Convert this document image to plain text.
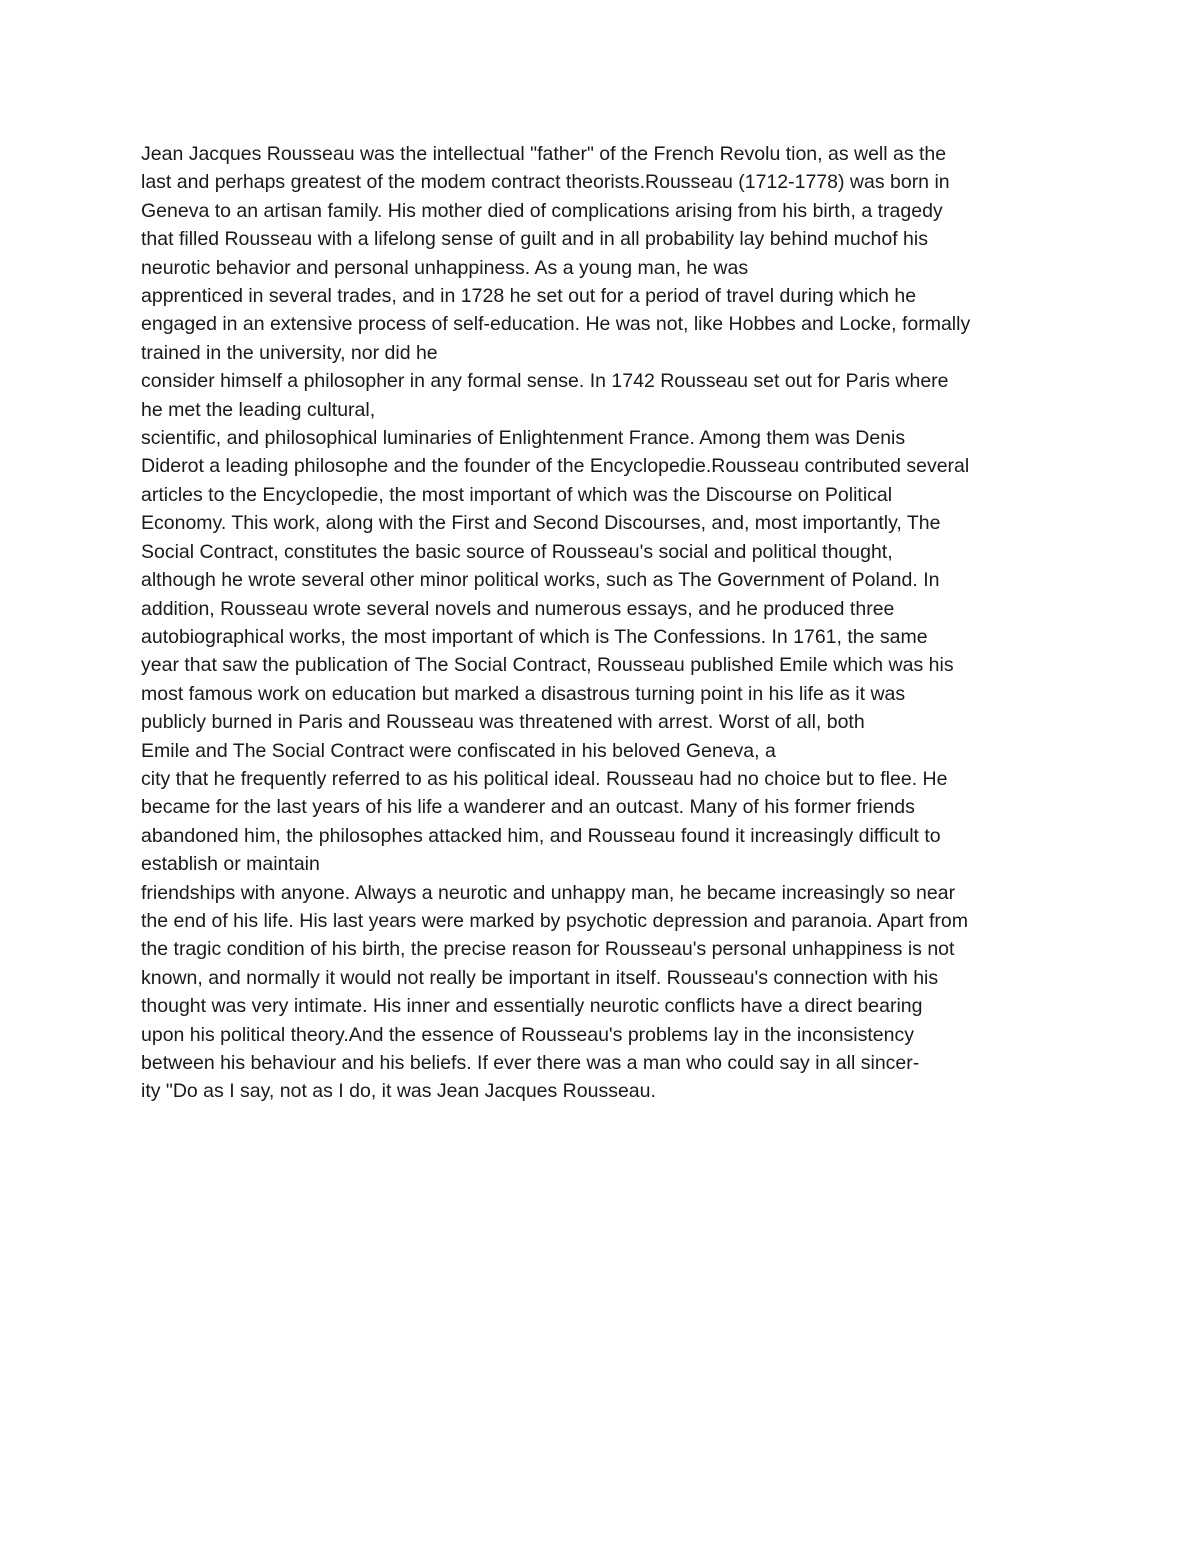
Jean Jacques Rousseau was the intellectual "father" of the French Revolu tion, as well as the
last and perhaps greatest of the modem contract theorists.Rousseau (1712-1778) was born in
Geneva to an artisan family. His mother died of complications arising from his birth, a tragedy
that filled Rousseau with a lifelong sense of guilt and in all probability lay behind muchof his
neurotic behavior and personal unhappiness. As a young man, he was
apprenticed in several trades, and in 1728 he set out for a period of travel during which he
engaged in an extensive process of self-education. He was not, like Hobbes and Locke, formally
trained in the university, nor did he
consider himself a philosopher in any formal sense. In 1742 Rousseau set out for Paris where
he met the leading cultural,
scientific, and philosophical luminaries of Enlightenment France. Among them was Denis
Diderot a leading philosophe and the founder of the Encyclopedie.Rousseau contributed several
articles to the Encyclopedie, the most important of which was the Discourse on Political
Economy. This work, along with the First and Second Discourses, and, most importantly, The
Social Contract, constitutes the basic source of Rousseau's social and political thought,
although he wrote several other minor political works, such as The Government of Poland. In
addition, Rousseau wrote several novels and numerous essays, and he produced three
autobiographical works, the most important of which is The Confessions. In 1761, the same
year that saw the publication of The Social Contract, Rousseau published Emile which was his
most famous work on education but marked a disastrous turning point in his life as it was
publicly burned in Paris and Rousseau was threatened with arrest. Worst of all, both
Emile and The Social Contract were confiscated in his beloved Geneva, a
city that he frequently referred to as his political ideal. Rousseau had no choice but to flee. He
became for the last years of his life a wanderer and an outcast. Many of his former friends
abandoned him, the philosophes attacked him, and Rousseau found it increasingly difficult to
establish or maintain
friendships with anyone. Always a neurotic and unhappy man, he became increasingly so near
the end of his life. His last years were marked by psychotic depression and paranoia. Apart from
the tragic condition of his birth, the precise reason for Rousseau's personal unhappiness is not
known, and normally it would not really be important in itself. Rousseau's connection with his
thought was very intimate. His inner and essentially neurotic conflicts have a direct bearing
upon his political theory.And the essence of Rousseau's problems lay in the inconsistency
between his behaviour and his beliefs. If ever there was a man who could say in all sincer-
ity "Do as I say, not as I do, it was Jean Jacques Rousseau.
